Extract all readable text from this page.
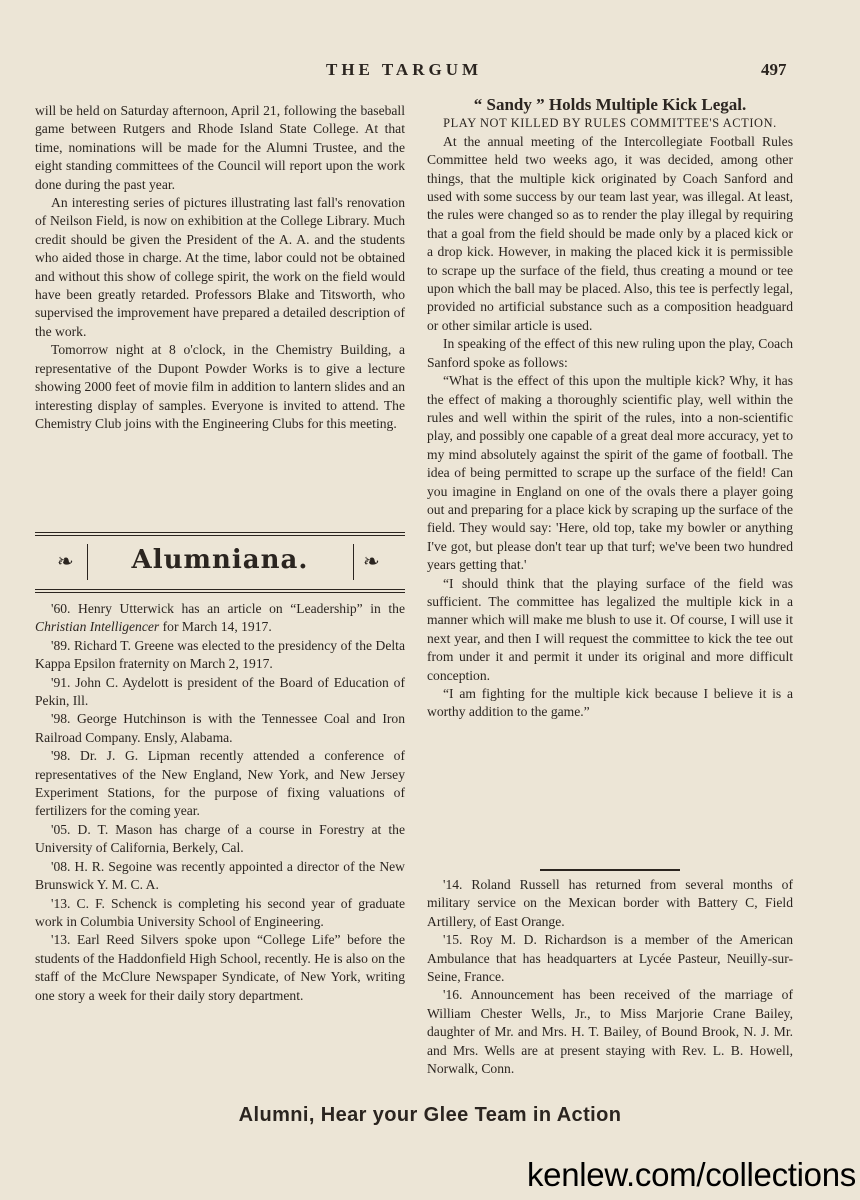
THE TARGUM	497

will be held on Saturday afternoon, April 21, following the baseball game between Rutgers and Rhode Island State College. At that time, nominations will be made for the Alumni Trustee, and the eight standing committees of the Council will report upon the work done during the past year.

An interesting series of pictures illustrating last fall's renovation of Neilson Field, is now on exhibition at the College Library. Much credit should be given the President of the A. A. and the students who aided those in charge. At the time, labor could not be obtained and without this show of college spirit, the work on the field would have been greatly retarded. Professors Blake and Titsworth, who supervised the improvement have prepared a detailed description of the work.

Tomorrow night at 8 o'clock, in the Chemistry Building, a representative of the Dupont Powder Works is to give a lecture showing 2000 feet of movie film in addition to lantern slides and an interesting display of samples. Everyone is invited to attend. The Chemistry Club joins with the Engineering Clubs for this meeting.

❧ Alumniana.	❧

'60. Henry Utterwick has an article on “Leadership” in the Christian Intelligencer for March 14, 1917.

'89. Richard T. Greene was elected to the presidency of the Delta Kappa Epsilon fraternity on March 2, 1917.

'91. John C. Aydelott is president of the Board of Education of Pekin, Ill.

'98. George Hutchinson is with the Tennessee Coal and Iron Railroad Company. Ensly, Alabama.

'98. Dr. J. G. Lipman recently attended a conference of representatives of the New England, New York, and New Jersey Experiment Stations, for the purpose of fixing valuations of fertilizers for the coming year.

'05. D. T. Mason has charge of a course in Forestry at the University of California, Berkely, Cal.

'08. H. R. Segoine was recently appointed a director of the New Brunswick Y. M. C. A.

'13. C. F. Schenck is completing his second year of graduate work in Columbia University School of Engineering.

'13. Earl Reed Silvers spoke upon “College Life” before the students of the Haddonfield High School, recently. He is also on the staff of the McClure Newspaper Syndicate, of New York, writing one story a week for their daily story department.

“ Sandy ” Holds Multiple Kick Legal.

PLAY NOT KILLED BY RULES COMMITTEE'S ACTION.

At the annual meeting of the Intercollegiate Football Rules Committee held two weeks ago, it was decided, among other things, that the multiple kick originated by Coach Sanford and used with some success by our team last year, was illegal. At least, the rules were changed so as to render the play illegal by requiring that a goal from the field should be made only by a placed kick or a drop kick. However, in making the placed kick it is permissible to scrape up the surface of the field, thus creating a mound or tee upon which the ball may be placed. Also, this tee is perfectly legal, provided no artificial substance such as a composition headguard or other similar article is used.

In speaking of the effect of this new ruling upon the play, Coach Sanford spoke as follows:

“What is the effect of this upon the multiple kick? Why, it has the effect of making a thoroughly scientific play, well within the rules and well within the spirit of the rules, into a non-scientific play, and possibly one capable of a great deal more accuracy, yet to my mind absolutely against the spirit of the game of football. The idea of being permitted to scrape up the surface of the field! Can you imagine in England on one of the ovals there a player going out and preparing for a place kick by scraping up the surface of the field. They would say: 'Here, old top, take my bowler or anything I've got, but please don't tear up that turf; we've been two hundred years getting that.'

“I should think that the playing surface of the field was sufficient. The committee has legalized the multiple kick in a manner which will make me blush to use it. Of course, I will use it next year, and then I will request the committee to kick the tee out from under it and permit it under its original and more difficult conception.

“I am fighting for the multiple kick because I believe it is a worthy addition to the game.”

'14. Roland Russell has returned from several months of military service on the Mexican border with Battery C, Field Artillery, of East Orange.

'15. Roy M. D. Richardson is a member of the American Ambulance that has headquarters at Lycée Pasteur, Neuilly-sur-Seine, France.

'16. Announcement has been received of the marriage of William Chester Wells, Jr., to Miss Marjorie Crane Bailey, daughter of Mr. and Mrs. H. T. Bailey, of Bound Brook, N. J. Mr. and Mrs. Wells are at present staying with Rev. L. B. Howell, Norwalk, Conn.

Alumni, Hear your Glee Team in Action
kenlew.com/collections
